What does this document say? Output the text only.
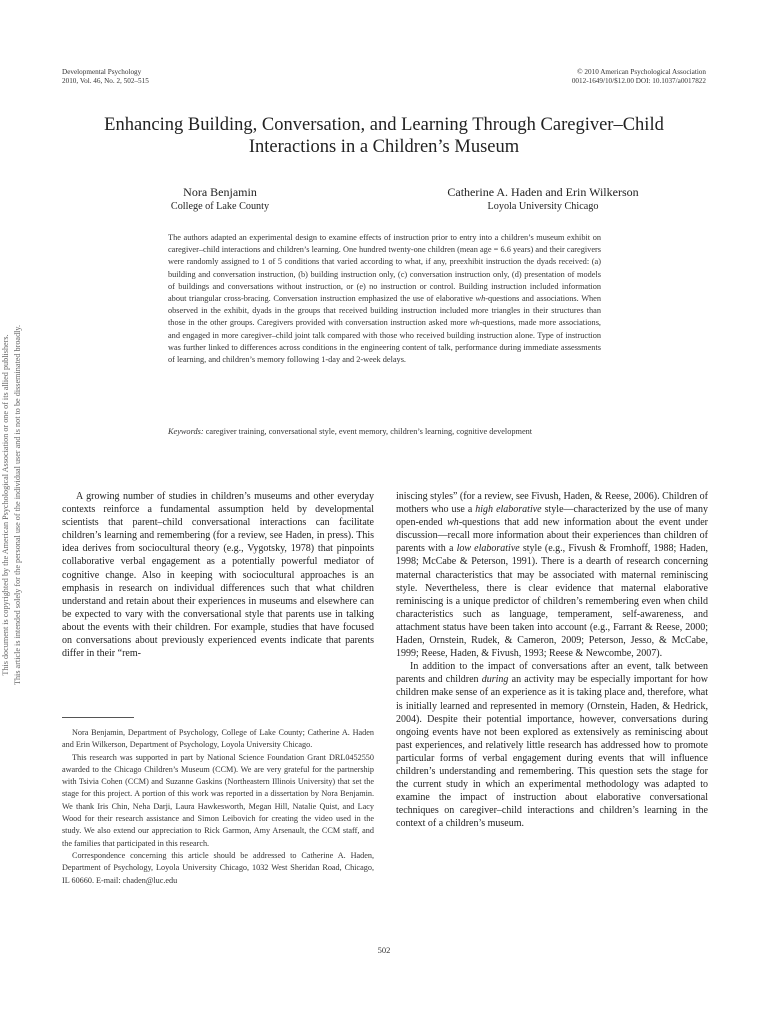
Developmental Psychology
2010, Vol. 46, No. 2, 502–515
© 2010 American Psychological Association
0012-1649/10/$12.00 DOI: 10.1037/a0017822
This document is copyrighted by the American Psychological Association or one of its allied publishers. This article is intended solely for the personal use of the individual user and is not to be disseminated broadly.
Enhancing Building, Conversation, and Learning Through Caregiver–Child
Interactions in a Children’s Museum
Nora Benjamin
College of Lake County
Catherine A. Haden and Erin Wilkerson
Loyola University Chicago
The authors adapted an experimental design to examine effects of instruction prior to entry into a children’s museum exhibit on caregiver–child interactions and children’s learning. One hundred twenty-one children (mean age = 6.6 years) and their caregivers were randomly assigned to 1 of 5 conditions that varied according to what, if any, preexhibit instruction the dyads received: (a) building and conversation instruction, (b) building instruction only, (c) conversation instruction only, (d) presentation of models of buildings and conversations without instruction, or (e) no instruction or control. Building instruction included information about triangular cross-bracing. Conversation instruction emphasized the use of elaborative wh-questions and associations. When observed in the exhibit, dyads in the groups that received building instruction included more triangles in their structures than those in the other groups. Caregivers provided with conversation instruction asked more wh-questions, made more associations, and engaged in more caregiver–child joint talk compared with those who received building instruction alone. Type of instruction was further linked to differences across conditions in the engineering content of talk, performance during immediate assessments of learning, and children’s memory following 1-day and 2-week delays.
Keywords: caregiver training, conversational style, event memory, children’s learning, cognitive development

A growing number of studies in children’s museums and other everyday contexts reinforce a fundamental assumption held by developmental scientists that parent–child conversational interactions can facilitate children’s learning and remembering (for a review, see Haden, in press). This idea derives from sociocultural theory (e.g., Vygotsky, 1978) that pinpoints collaborative verbal engagement as a potentially powerful mediator of cognitive change. Also in keeping with sociocultural approaches is an emphasis in research on individual differences such that what children understand and retain about their experiences in museums and elsewhere can be expected to vary with the conversational style that parents use in talking about the events with their children. For example, studies that have focused on conversations about previously experienced events indicate that parents differ in their “rem-

Nora Benjamin, Department of Psychology, College of Lake County; Catherine A. Haden and Erin Wilkerson, Department of Psychology, Loyola University Chicago.

This research was supported in part by National Science Foundation Grant DRL0452550 awarded to the Chicago Children’s Museum (CCM). We are very grateful for the partnership with Tsivia Cohen (CCM) and Suzanne Gaskins (Northeastern Illinois University) that set the stage for this project. A portion of this work was reported in a dissertation by Nora Benjamin. We thank Iris Chin, Neha Darji, Laura Hawkesworth, Megan Hill, Natalie Quist, and Lacy Wood for their research assistance and Simon Leibovich for creating the video used in the study. We also extend our appreciation to Rick Garmon, Amy Arsenault, the CCM staff, and the families that participated in this research.

Correspondence concerning this article should be addressed to Catherine A. Haden, Department of Psychology, Loyola University Chicago, 1032 West Sheridan Road, Chicago, IL 60660. E-mail: chaden@luc.edu

iniscing styles” (for a review, see Fivush, Haden, & Reese, 2006). Children of mothers who use a high elaborative style—characterized by the use of many open-ended wh-questions that add new information about the event under discussion—recall more information about their experiences than children of parents with a low elaborative style (e.g., Fivush & Fromhoff, 1988; Haden, 1998; McCabe & Peterson, 1991). There is a dearth of research concerning maternal characteristics that may be associated with maternal reminiscing style. Nevertheless, there is clear evidence that maternal elaborative reminiscing is a unique predictor of children’s remembering even when child characteristics such as language, temperament, self-awareness, and attachment status have been taken into account (e.g., Farrant & Reese, 2000; Haden, Ornstein, Rudek, & Cameron, 2009; Peterson, Jesso, & McCabe, 1999; Reese, Haden, & Fivush, 1993; Reese & Newcombe, 2007).

In addition to the impact of conversations after an event, talk between parents and children during an activity may be especially important for how children make sense of an experience as it is taking place and, therefore, what is initially learned and represented in memory (Ornstein, Haden, & Hedrick, 2004). Despite their potential importance, however, conversations during ongoing events have not been explored as extensively as reminiscing about past experiences, and relatively little research has addressed how to promote particular forms of verbal engagement during events that will influence children’s understanding and remembering. This question sets the stage for the current study in which an experimental methodology was adapted to examine the impact of instruction about elaborative conversational techniques on caregiver–child interactions and children’s learning in the context of a children’s museum.

502
